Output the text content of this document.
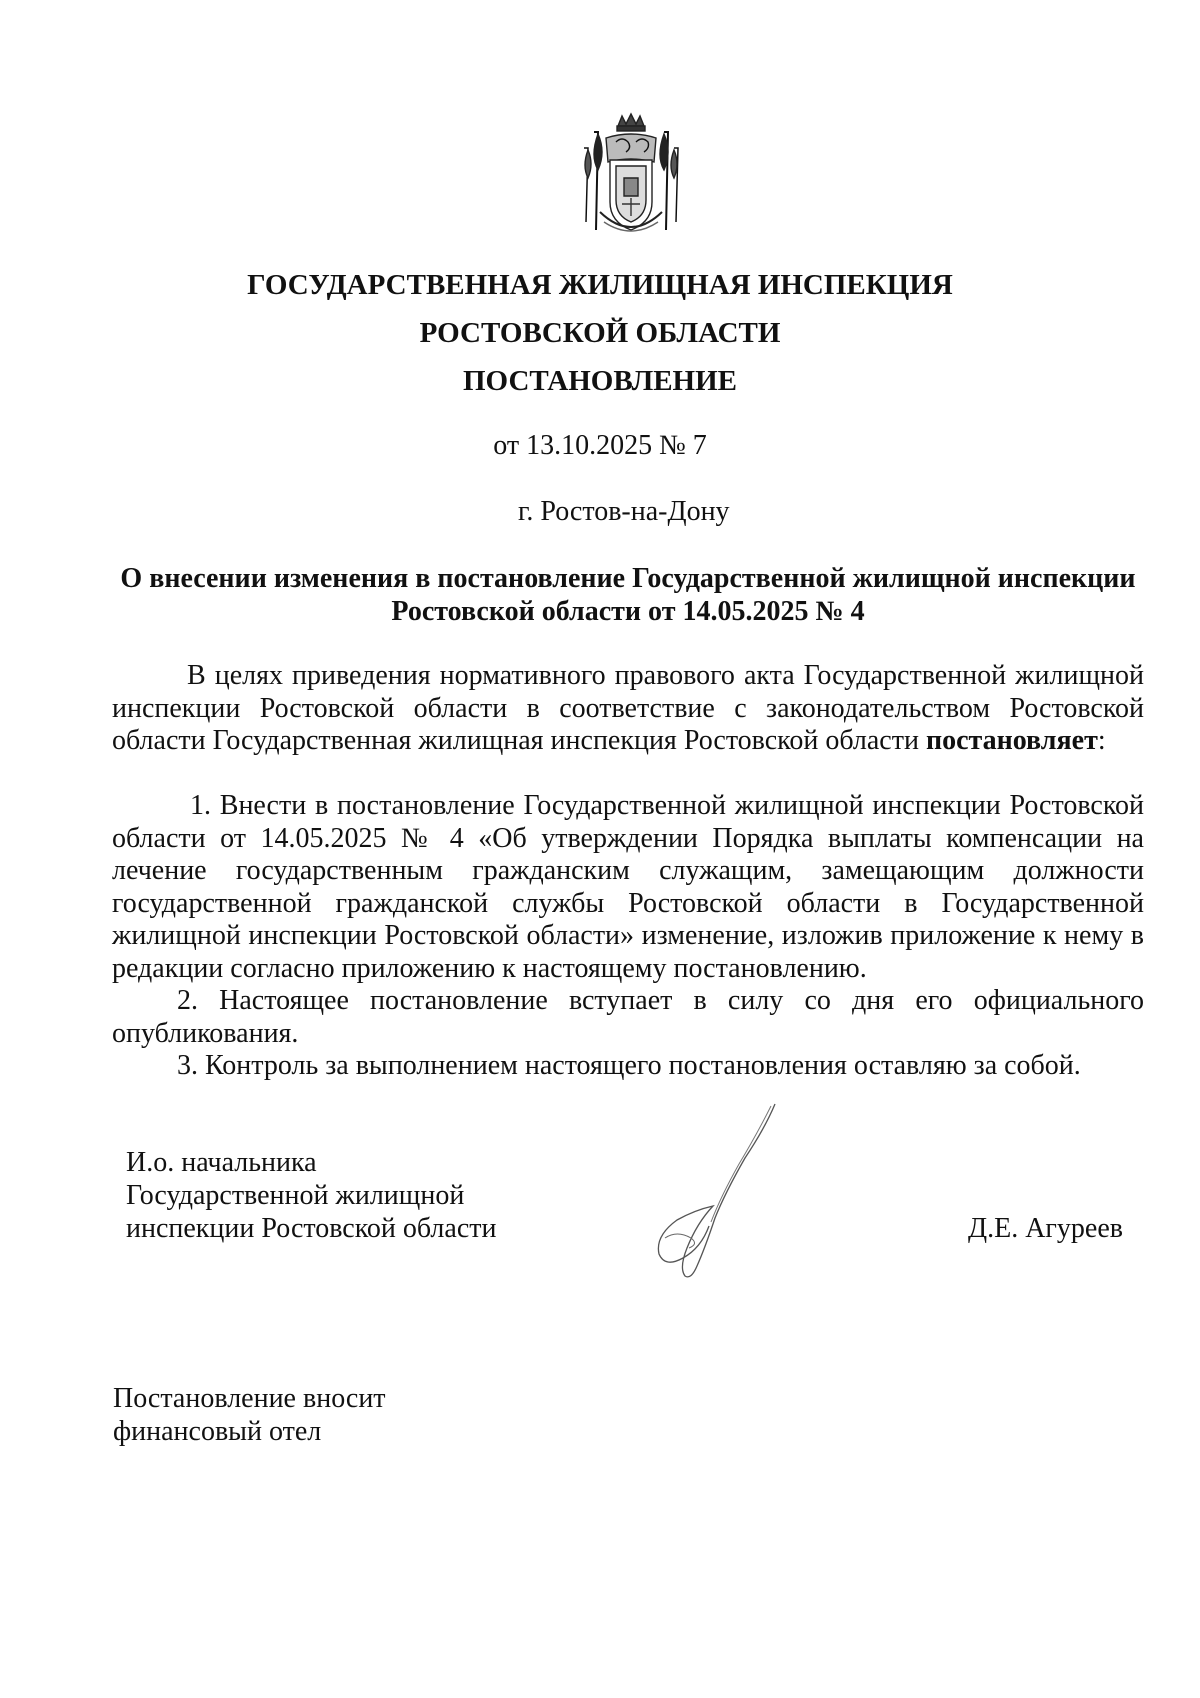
ГОСУДАРСТВЕННАЯ ЖИЛИЩНАЯ ИНСПЕКЦИЯ
РОСТОВСКОЙ ОБЛАСТИ
ПОСТАНОВЛЕНИЕ
от 13.10.2025 № 7
г. Ростов-на-Дону
О внесении изменения в постановление Государственной жилищной инспекции
Ростовской области от 14.05.2025 № 4

В целях приведения нормативного правового акта Государственной жилищной инспекции Ростовской области в соответствие с законодательством Ростовской области Государственная жилищная инспекция Ростовской области постановляет:

1. Внести в постановление Государственной жилищной инспекции Ростовской области от 14.05.2025 № 4 «Об утверждении Порядка выплаты компенсации на лечение государственным гражданским служащим, замещающим должности государственной гражданской службы Ростовской области в Государственной жилищной инспекции Ростовской области» изменение, изложив приложение к нему в редакции согласно приложению к настоящему постановлению.

2. Настоящее постановление вступает в силу со дня его официального опубликования.

3. Контроль за выполнением настоящего постановления оставляю за собой.

И.о. начальника
Государственной жилищной
инспекции Ростовской области	Д.Е. Агуреев
Постановление вносит
финансовый отел
